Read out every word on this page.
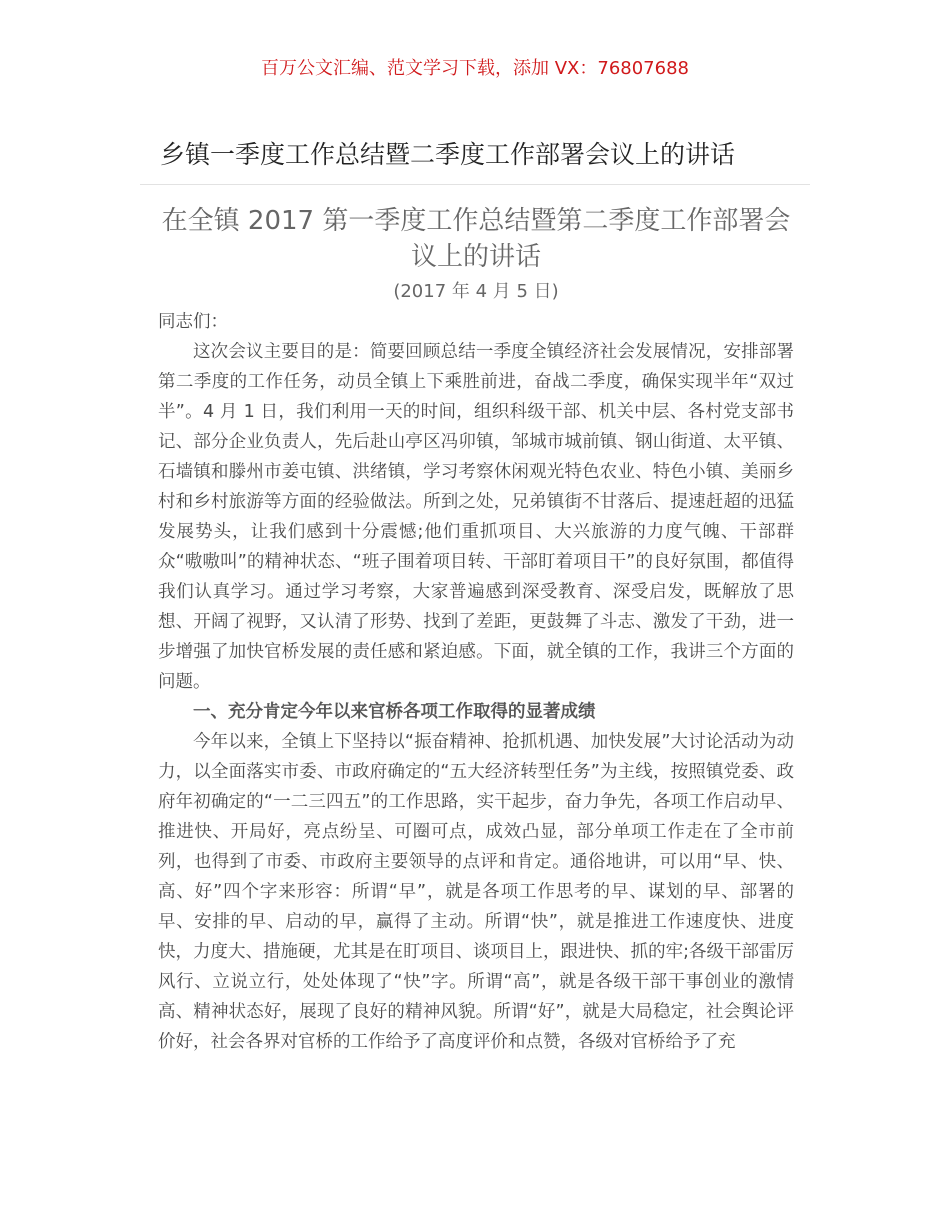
百万公文汇编、范文学习下载，添加 VX：76807688
乡镇一季度工作总结暨二季度工作部署会议上的讲话
在全镇 2017 第一季度工作总结暨第二季度工作部署会议上的讲话
(2017 年 4 月 5 日)

同志们：

这次会议主要目的是：简要回顾总结一季度全镇经济社会发展情况，安排部署第二季度的工作任务，动员全镇上下乘胜前进，奋战二季度，确保实现半年“双过半”。4 月 1 日，我们利用一天的时间，组织科级干部、机关中层、各村党支部书记、部分企业负责人，先后赴山亭区冯卯镇，邹城市城前镇、钢山街道、太平镇、石墙镇和滕州市姜屯镇、洪绪镇，学习考察休闲观光特色农业、特色小镇、美丽乡村和乡村旅游等方面的经验做法。所到之处，兄弟镇街不甘落后、提速赶超的迅猛发展势头，让我们感到十分震憾;他们重抓项目、大兴旅游的力度气魄、干部群众“嗷嗷叫”的精神状态、“班子围着项目转、干部盯着项目干”的良好氛围，都值得我们认真学习。通过学习考察，大家普遍感到深受教育、深受启发，既解放了思想、开阔了视野，又认清了形势、找到了差距，更鼓舞了斗志、激发了干劲，进一步增强了加快官桥发展的责任感和紧迫感。下面，就全镇的工作，我讲三个方面的问题。

一、充分肯定今年以来官桥各项工作取得的显著成绩

今年以来，全镇上下坚持以“振奋精神、抢抓机遇、加快发展”大讨论活动为动力，以全面落实市委、市政府确定的“五大经济转型任务”为主线，按照镇党委、政府年初确定的“一二三四五”的工作思路，实干起步，奋力争先，各项工作启动早、推进快、开局好，亮点纷呈、可圈可点，成效凸显，部分单项工作走在了全市前列，也得到了市委、市政府主要领导的点评和肯定。通俗地讲，可以用“早、快、高、好”四个字来形容：所谓“早”，就是各项工作思考的早、谋划的早、部署的早、安排的早、启动的早，赢得了主动。所谓“快”，就是推进工作速度快、进度快，力度大、措施硬，尤其是在盯项目、谈项目上，跟进快、抓的牢;各级干部雷厉风行、立说立行，处处体现了“快”字。所谓“高”，就是各级干部干事创业的激情高、精神状态好，展现了良好的精神风貌。所谓“好”，就是大局稳定，社会舆论评价好，社会各界对官桥的工作给予了高度评价和点赞，各级对官桥给予了充
